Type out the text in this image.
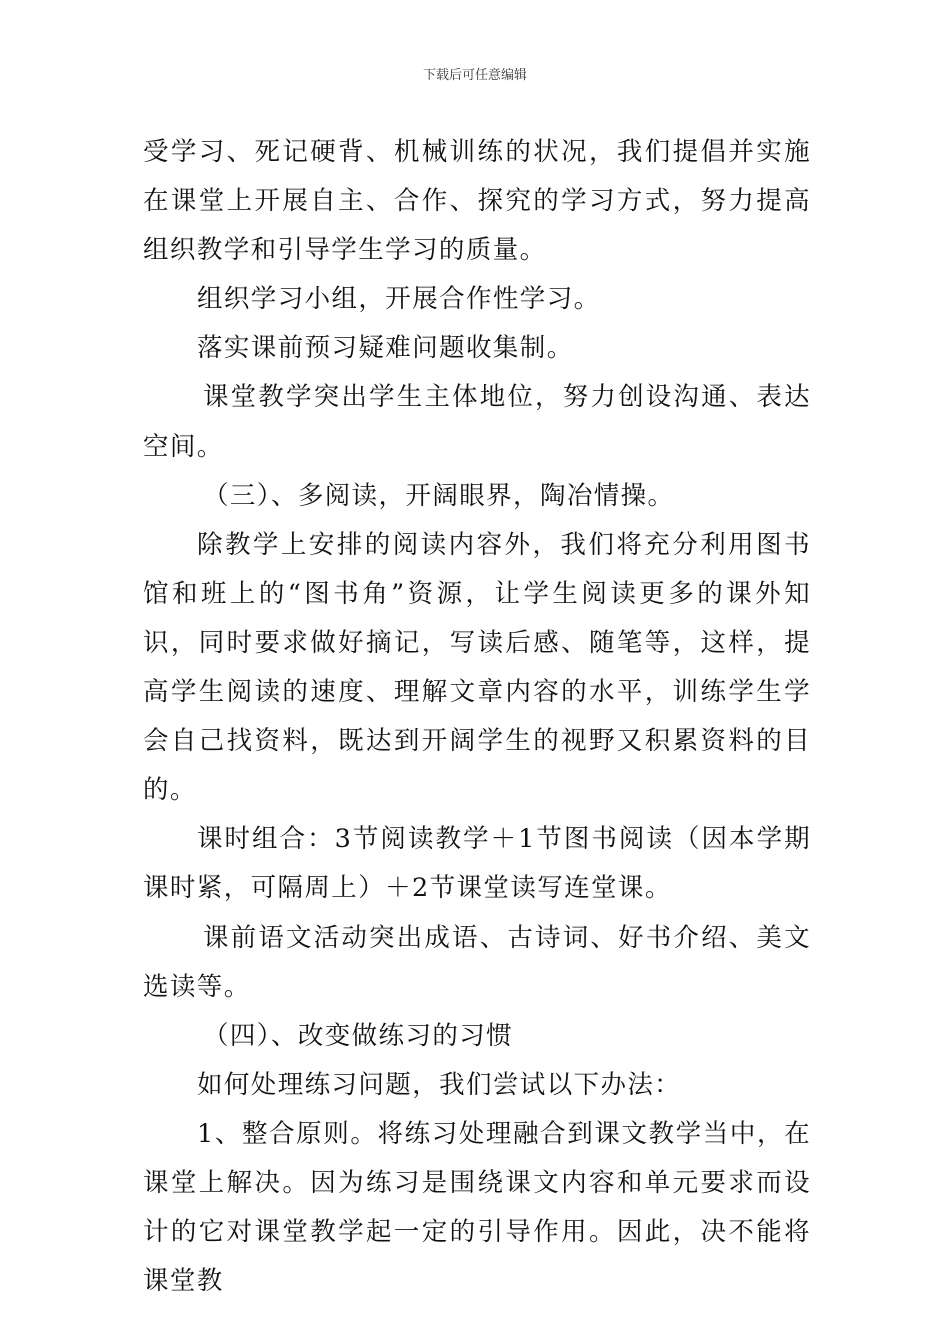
下载后可任意编辑

受学习、死记硬背、机械训练的状况，我们提倡并实施在课堂上开展自主、合作、探究的学习方式，努力提高组织教学和引导学生学习的质量。

组织学习小组，开展合作性学习。

落实课前预习疑难问题收集制。

课堂教学突出学生主体地位，努力创设沟通、表达空间。

（三）、多阅读，开阔眼界，陶冶情操。

除教学上安排的阅读内容外，我们将充分利用图书馆和班上的“图书角”资源，让学生阅读更多的课外知识，同时要求做好摘记，写读后感、随笔等，这样，提高学生阅读的速度、理解文章内容的水平，训练学生学会自己找资料，既达到开阔学生的视野又积累资料的目的。

课时组合：3节阅读教学＋1节图书阅读（因本学期课时紧，可隔周上）＋2节课堂读写连堂课。

课前语文活动突出成语、古诗词、好书介绍、美文选读等。

（四）、改变做练习的习惯

如何处理练习问题，我们尝试以下办法：

1、整合原则。将练习处理融合到课文教学当中，在课堂上解决。因为练习是围绕课文内容和单元要求而设计的它对课堂教学起一定的引导作用。因此，决不能将课堂教
